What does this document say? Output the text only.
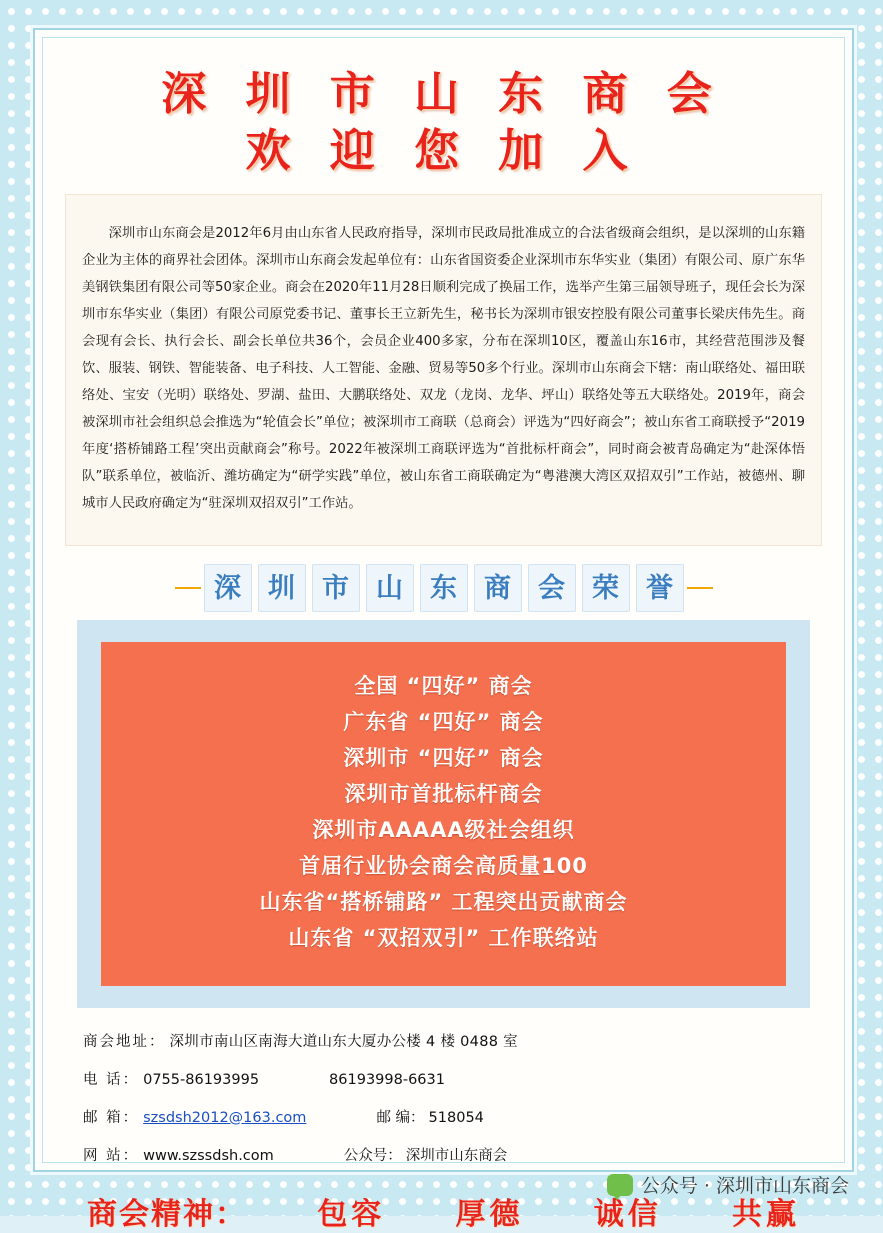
深 圳 市 山 东 商 会
欢 迎 您 加 入

深圳市山东商会是2012年6月由山东省人民政府指导，深圳市民政局批准成立的合法省级商会组织，是以深圳的山东籍企业为主体的商界社会团体。深圳市山东商会发起单位有：山东省国资委企业深圳市东华实业（集团）有限公司、原广东华美钢铁集团有限公司等50家企业。商会在2020年11月28日顺利完成了换届工作，选举产生第三届领导班子，现任会长为深圳市东华实业（集团）有限公司原党委书记、董事长王立新先生，秘书长为深圳市银安控股有限公司董事长梁庆伟先生。商会现有会长、执行会长、副会长单位共36个，会员企业400多家，分布在深圳10区，覆盖山东16市，其经营范围涉及餐饮、服装、钢铁、智能装备、电子科技、人工智能、金融、贸易等50多个行业。深圳市山东商会下辖：南山联络处、福田联络处、宝安（光明）联络处、罗湖、盐田、大鹏联络处、双龙（龙岗、龙华、坪山）联络处等五大联络处。2019年，商会被深圳市社会组织总会推选为“轮值会长”单位；被深圳市工商联（总商会）评选为“四好商会”；被山东省工商联授予“2019年度‘搭桥铺路工程’突出贡献商会”称号。2022年被深圳工商联评选为“首批标杆商会”，同时商会被青岛确定为“赴深体悟队”联系单位，被临沂、潍坊确定为“研学实践”单位，被山东省工商联确定为“粤港澳大湾区双招双引”工作站，被德州、聊城市人民政府确定为“驻深圳双招双引”工作站。

深	圳	市	山	东	商	会	荣	誉
全国 “四好” 商会
广东省 “四好” 商会
深圳市 “四好” 商会
深圳市首批标杆商会
深圳市AAAAA级社会组织
首届行业协会商会高质量100
山东省“搭桥铺路” 工程突出贡献商会
山东省 “双招双引” 工作联络站
商会地址： 深圳市南山区南海大道山东大厦办公楼 4 楼 0488 室
电 话： 0755-86193995	86193998-6631
邮 箱： szsdsh2012@163.com	邮 编： 518054
网 站： www.szssdsh.com	公众号： 深圳市山东商会
商会精神： 包容 厚德 诚信 共赢
公众号 · 深圳市山东商会
